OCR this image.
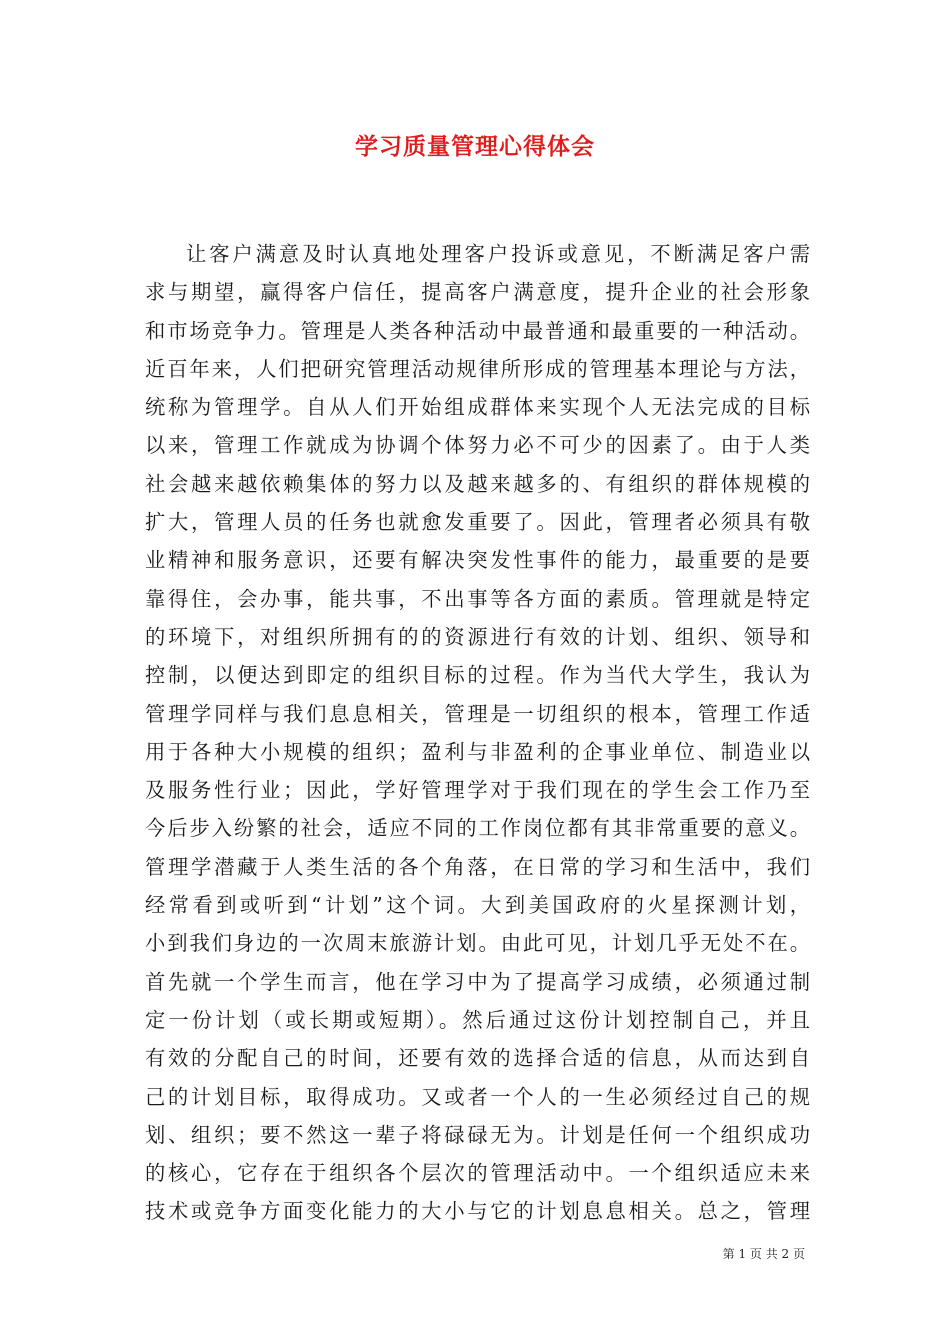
学习质量管理心得体会
让客户满意及时认真地处理客户投诉或意见，不断满足客户需
求与期望，赢得客户信任，提高客户满意度，提升企业的社会形象
和市场竞争力。管理是人类各种活动中最普通和最重要的一种活动。
近百年来，人们把研究管理活动规律所形成的管理基本理论与方法，
统称为管理学。自从人们开始组成群体来实现个人无法完成的目标
以来，管理工作就成为协调个体努力必不可少的因素了。由于人类
社会越来越依赖集体的努力以及越来越多的、有组织的群体规模的
扩大，管理人员的任务也就愈发重要了。因此，管理者必须具有敬
业精神和服务意识，还要有解决突发性事件的能力，最重要的是要
靠得住，会办事，能共事，不出事等各方面的素质。管理就是特定
的环境下，对组织所拥有的的资源进行有效的计划、组织、领导和
控制，以便达到即定的组织目标的过程。作为当代大学生，我认为
管理学同样与我们息息相关，管理是一切组织的根本，管理工作适
用于各种大小规模的组织；盈利与非盈利的企事业单位、制造业以
及服务性行业；因此，学好管理学对于我们现在的学生会工作乃至
今后步入纷繁的社会，适应不同的工作岗位都有其非常重要的意义。
管理学潜藏于人类生活的各个角落，在日常的学习和生活中，我们
经常看到或听到“计划”这个词。大到美国政府的火星探测计划，
小到我们身边的一次周末旅游计划。由此可见，计划几乎无处不在。
首先就一个学生而言，他在学习中为了提高学习成绩，必须通过制
定一份计划（或长期或短期）。然后通过这份计划控制自己，并且
有效的分配自己的时间，还要有效的选择合适的信息，从而达到自
己的计划目标，取得成功。又或者一个人的一生必须经过自己的规
划、组织；要不然这一辈子将碌碌无为。计划是任何一个组织成功
的核心，它存在于组织各个层次的管理活动中。一个组织适应未来
技术或竞争方面变化能力的大小与它的计划息息相关。总之，管理
第 1 页 共 2 页
